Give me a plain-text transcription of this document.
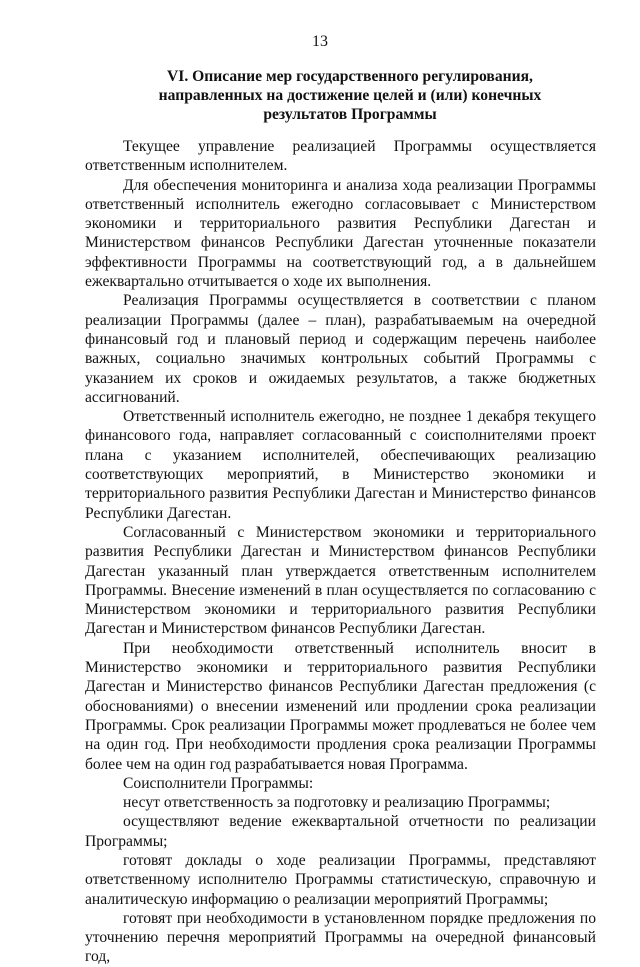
13
VI. Описание мер государственного регулирования, направленных на достижение целей и (или) конечных результатов Программы

Текущее управление реализацией Программы осуществляется ответственным исполнителем.

Для обеспечения мониторинга и анализа хода реализации Программы ответственный исполнитель ежегодно согласовывает с Министерством экономики и территориального развития Республики Дагестан и Министерством финансов Республики Дагестан уточненные показатели эффективности Программы на соответствующий год, а в дальнейшем ежеквартально отчитывается о ходе их выполнения.

Реализация Программы осуществляется в соответствии с планом реализации Программы (далее – план), разрабатываемым на очередной финансовый год и плановый период и содержащим перечень наиболее важных, социально значимых контрольных событий Программы с указанием их сроков и ожидаемых результатов, а также бюджетных ассигнований.

Ответственный исполнитель ежегодно, не позднее 1 декабря текущего финансового года, направляет согласованный с соисполнителями проект плана с указанием исполнителей, обеспечивающих реализацию соответствующих мероприятий, в Министерство экономики и территориального развития Республики Дагестан и Министерство финансов Республики Дагестан.

Согласованный с Министерством экономики и территориального развития Республики Дагестан и Министерством финансов Республики Дагестан указанный план утверждается ответственным исполнителем Программы. Внесение изменений в план осуществляется по согласованию с Министерством экономики и территориального развития Республики Дагестан и Министерством финансов Республики Дагестан.

При необходимости ответственный исполнитель вносит в Министерство экономики и территориального развития Республики Дагестан и Министерство финансов Республики Дагестан предложения (с обоснованиями) о внесении изменений или продлении срока реализации Программы. Срок реализации Программы может продлеваться не более чем на один год. При необходимости продления срока реализации Программы более чем на один год разрабатывается новая Программа.

Соисполнители Программы:

несут ответственность за подготовку и реализацию Программы;

осуществляют ведение ежеквартальной отчетности по реализации Программы;

готовят доклады о ходе реализации Программы, представляют ответственному исполнителю Программы статистическую, справочную и аналитическую информацию о реализации мероприятий Программы;

готовят при необходимости в установленном порядке предложения по уточнению перечня мероприятий Программы на очередной финансовый год,
